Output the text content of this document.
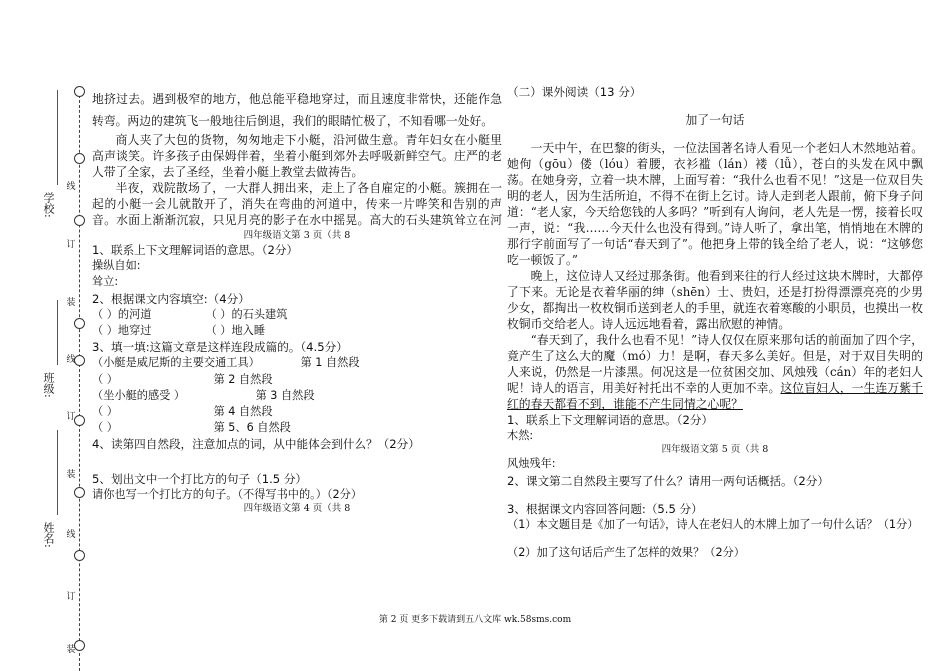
线
订
装
线
订
装
线
订
装
学校:
班级:
姓名:

地挤过去。遇到极窄的地方，他总能平稳地穿过，而且速度非常快，还能作急转弯。两边的建筑飞一般地往后倒退，我们的眼睛忙极了，不知看哪一处好。

商人夹了大包的货物，匆匆地走下小艇，沿河做生意。青年妇女在小艇里高声谈笑。许多孩子由保姆伴着，坐着小艇到郊外去呼吸新鲜空气。庄严的老人带了全家，去了圣经，坐着小艇上教堂去做祷告。

半夜，戏院散场了，一大群人拥出来，走上了各自雇定的小艇。簇拥在一起的小艇一会儿就散开了，消失在弯曲的河道中，传来一片哗笑和告别的声音。水面上渐渐沉寂，只见月亮的影子在水中摇晃。高大的石头建筑耸立在河

四年级语文第 3 页（共 8

1、联系上下文理解词语的意思。（2分）

操纵自如:

耸立:

2、根据课文内容填空:（4分）

（ ）的河道	（ ）的石头建筑

（ ）地穿过	（ ）地入睡

3、填一填:这篇文章是这样连段成篇的。（4.5分）

（小艇是威尼斯的主要交通工具）	第 1 自然段

（ ）	第 2 自然段

（坐小艇的感受 ）	第 3 自然段

（ ）	第 4 自然段

（ ）	第 5、6 自然段

4、读第四自然段，注意加点的词，从中能体会到什么？（2分）

5、划出文中一个打比方的句子（1.5 分）

请你也写一个打比方的句子。（不得写书中的。）（2分）

四年级语文第 4 页（共 8

（二）课外阅读（13 分）

加了一句话

一天中午，在巴黎的街头，一位法国著名诗人看见一个老妇人木然地站着。她佝（gōu）偻（lóu）着腰，衣衫褴（lán）褛（lǚ），苍白的头发在风中飘荡。在她身旁，立着一块木牌，上面写着：“我什么也看不见！”这是一位双目失明的老人，因为生活所迫，不得不在街上乞讨。诗人走到老人跟前，俯下身子问道：“老人家，今天给您钱的人多吗？”听到有人询问，老人先是一愣，接着长叹一声，说：“我……今天什么也没有得到。”诗人听了，拿出笔，悄悄地在木牌的那行字前面写了一句话“春天到了”。他把身上带的钱全给了老人，说：“这够您吃一顿饭了。”

晚上，这位诗人又经过那条街。他看到来往的行人经过这块木牌时，大都停了下来。无论是衣着华丽的绅（shēn）士、贵妇，还是打扮得漂漂亮亮的少男少女，都掏出一枚枚铜币送到老人的手里，就连衣着寒酸的小职员，也摸出一枚枚铜币交给老人。诗人远远地看着，露出欣慰的神情。

“春天到了，我什么也看不见！”诗人仅仅在原来那句话的前面加了四个字，竟产生了这么大的魔（mó）力！是啊，春天多么美好。但是，对于双目失明的人来说，仍然是一片漆黑。何况这是一位贫困交加、风烛残（cán）年的老妇人呢！诗人的语言，用美好衬托出不幸的人更加不幸。这位盲妇人，一生连万紫千红的春天都看不到，谁能不产生同情之心呢？

1、联系上下文理解词语的意思。（2分）

木然:

四年级语文第 5 页（共 8

风烛残年:

2、课文第二自然段主要写了什么？请用一两句话概括。（2分）

3、根据课文内容回答问题:（5.5 分）

（1）本文题目是《加了一句话》，诗人在老妇人的木牌上加了一句什么话？（1分）

（2）加了这句话后产生了怎样的效果？（2分）

第 2 页 更多下载请到五八文库 wk.58sms.com
